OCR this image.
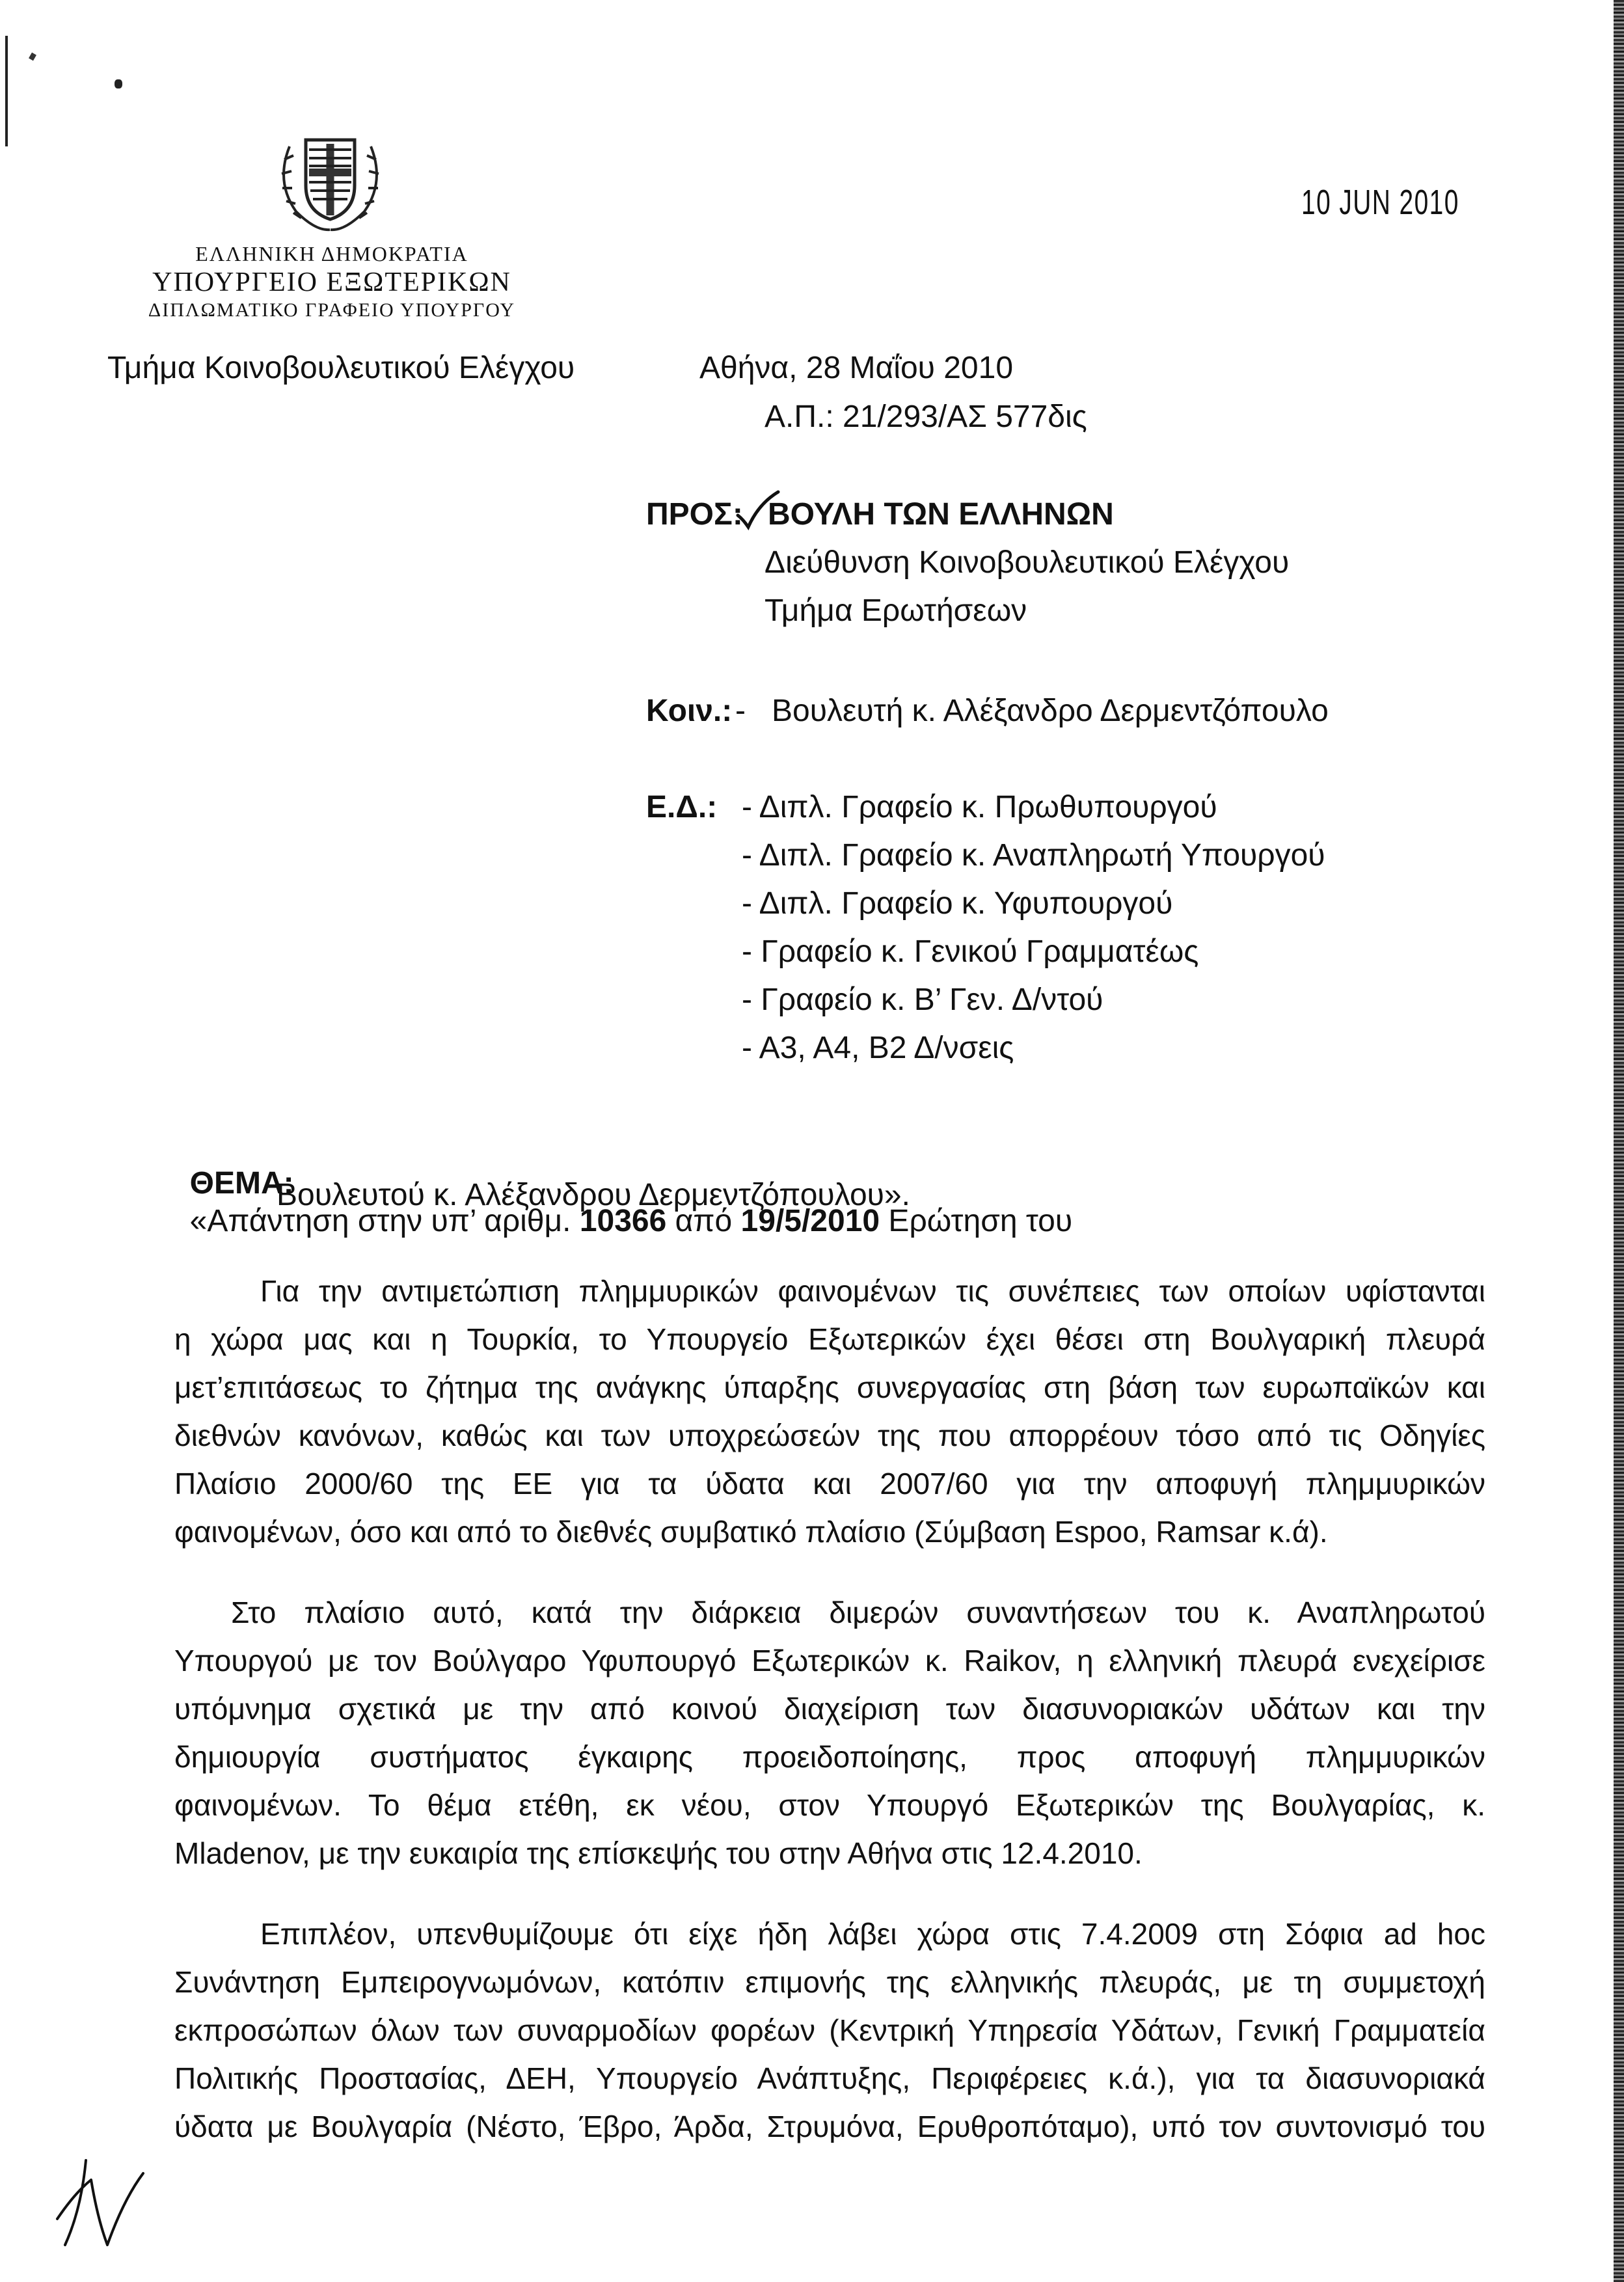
ΕΛΛΗΝΙΚΗ ΔΗΜΟΚΡΑΤΙΑ
ΥΠΟΥΡΓΕΙΟ ΕΞΩΤΕΡΙΚΩΝ
ΔΙΠΛΩΜΑΤΙΚΟ ΓΡΑΦΕΙΟ ΥΠΟΥΡΓΟΥ
10 JUN 2010
Τμήμα Κοινοβουλευτικού Ελέγχου	Αθήνα, 28 Μαΐου 2010
Α.Π.: 21/293/ΑΣ 577δις
ΠΡΟΣ: ΒΟΥΛΗ ΤΩΝ ΕΛΛΗΝΩΝ
Διεύθυνση Κοινοβουλευτικού Ελέγχου
Τμήμα Ερωτήσεων
Κοιν.: -   Βουλευτή κ. Αλέξανδρο Δερμεντζόπουλο
Ε.Δ.: - Διπλ. Γραφείο κ. Πρωθυπουργού
- Διπλ. Γραφείο κ. Αναπληρωτή Υπουργού
- Διπλ. Γραφείο κ. Υφυπουργού
- Γραφείο κ. Γενικού Γραμματέως
- Γραφείο κ. Β’ Γεν. Δ/ντού
- Α3, Α4, Β2 Δ/νσεις

ΘΕΜΑ:
«Απάντηση στην υπ’ αριθμ. 10366 από 19/5/2010 Ερώτηση του

Βουλευτού κ. Αλέξανδρου Δερμεντζόπουλου».
Για την αντιμετώπιση πλημμυρικών φαινομένων τις συνέπειες των οποίων υφίστανται
η χώρα μας και η Τουρκία, το Υπουργείο Εξωτερικών έχει θέσει στη Βουλγαρική πλευρά
μετ’επιτάσεως το ζήτημα της ανάγκης ύπαρξης συνεργασίας στη βάση των ευρωπαϊκών και
διεθνών κανόνων, καθώς και των υποχρεώσεών της που απορρέουν τόσο από τις Οδηγίες
Πλαίσιο 2000/60 της ΕΕ για τα ύδατα και 2007/60 για την αποφυγή πλημμυρικών
φαινομένων, όσο και από το διεθνές συμβατικό πλαίσιο (Σύμβαση Espoo, Ramsar κ.ά).
Στο πλαίσιο αυτό, κατά την διάρκεια διμερών συναντήσεων του κ. Αναπληρωτού
Υπουργού με τον Βούλγαρο Υφυπουργό Εξωτερικών κ. Raikov, η ελληνική πλευρά ενεχείρισε
υπόμνημα σχετικά με την από κοινού διαχείριση των διασυνοριακών υδάτων και την
δημιουργία συστήματος έγκαιρης προειδοποίησης, προς αποφυγή πλημμυρικών
φαινομένων. Το θέμα ετέθη, εκ νέου, στον Υπουργό Εξωτερικών της Βουλγαρίας, κ.
Mladenov, με την ευκαιρία της επίσκεψής του στην Αθήνα στις 12.4.2010.
Επιπλέον, υπενθυμίζουμε ότι είχε ήδη λάβει χώρα στις 7.4.2009 στη Σόφια ad hoc
Συνάντηση Εμπειρογνωμόνων, κατόπιν επιμονής της ελληνικής πλευράς, με τη συμμετοχή
εκπροσώπων όλων των συναρμοδίων φορέων (Κεντρική Υπηρεσία Υδάτων, Γενική Γραμματεία
Πολιτικής Προστασίας, ΔΕΗ, Υπουργείο Ανάπτυξης, Περιφέρειες κ.ά.), για τα διασυνοριακά
ύδατα με Βουλγαρία (Νέστο, Έβρο, Άρδα, Στρυμόνα, Ερυθροπόταμο), υπό τον συντονισμό του
